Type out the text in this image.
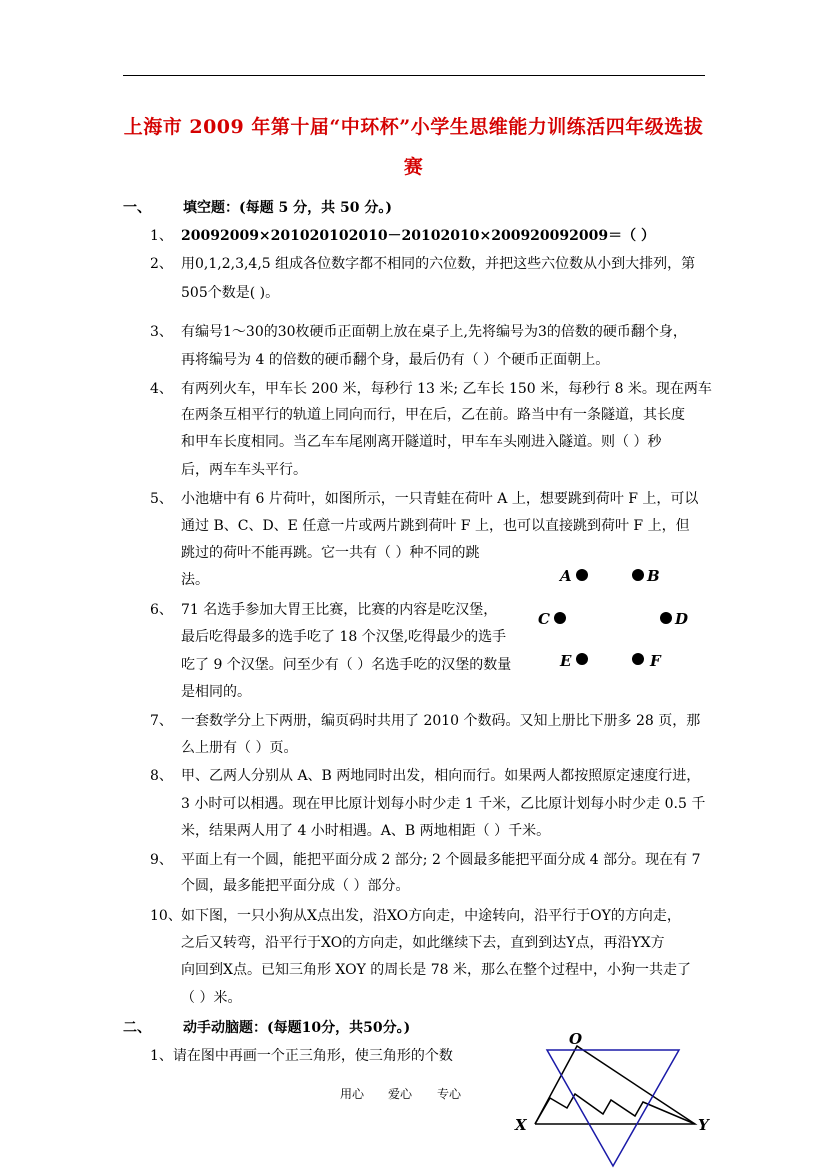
上海市 2009 年第十届“中环杯”小学生思维能力训练活四年级选拔
赛
一、 填空题：(每题 5 分，共 50 分。)
1、 20092009×201020102010－20102010×200920092009＝（ ）
2、 用0,1,2,3,4,5 组成各位数字都不相同的六位数，并把这些六位数从小到大排列，第
505个数是( )。
3、 有编号1～30的30枚硬币正面朝上放在桌子上,先将编号为3的倍数的硬币翻个身，
再将编号为 4 的倍数的硬币翻个身，最后仍有（ ）个硬币正面朝上。
4、 有两列火车，甲车长 200 米，每秒行 13 米; 乙车长 150 米，每秒行 8 米。现在两车
在两条互相平行的轨道上同向而行，甲在后，乙在前。路当中有一条隧道，其长度
和甲车长度相同。当乙车车尾刚离开隧道时，甲车车头刚进入隧道。则（ ）秒
后，两车车头平行。
5、 小池塘中有 6 片荷叶，如图所示，一只青蛙在荷叶 A 上，想要跳到荷叶 F 上，可以
通过 B、C、D、E 任意一片或两片跳到荷叶 F 上，也可以直接跳到荷叶 F 上，但
跳过的荷叶不能再跳。它一共有（ ）种不同的跳
法。	A	B
C	D
E	F
6、 71 名选手参加大胃王比赛，比赛的内容是吃汉堡，
最后吃得最多的选手吃了 18 个汉堡,吃得最少的选手
吃了 9 个汉堡。问至少有（ ）名选手吃的汉堡的数量
是相同的。
7、 一套数学分上下两册，编页码时共用了 2010 个数码。又知上册比下册多 28 页，那
么上册有（ ）页。
8、 甲、乙两人分别从 A、B 两地同时出发，相向而行。如果两人都按照原定速度行进，
3 小时可以相遇。现在甲比原计划每小时少走 1 千米，乙比原计划每小时少走 0.5 千
米，结果两人用了 4 小时相遇。A、B 两地相距（ ）千米。
9、 平面上有一个圆，能把平面分成 2 部分; 2 个圆最多能把平面分成 4 部分。现在有 7
个圆，最多能把平面分成（ ）部分。
10、 如下图，一只小狗从X点出发，沿XO方向走，中途转向，沿平行于OY的方向走，
之后又转弯，沿平行于XO的方向走，如此继续下去，直到到达Y点，再沿YX方
向回到X点。已知三角形 XOY 的周长是 78 米，那么在整个过程中，小狗一共走了
（ ）米。
二、 动手动脑题：(每题10分，共50分。)
1、请在图中再画一个正三角形，使三角形的个数
O
X	Y
用心 爱心 专心
